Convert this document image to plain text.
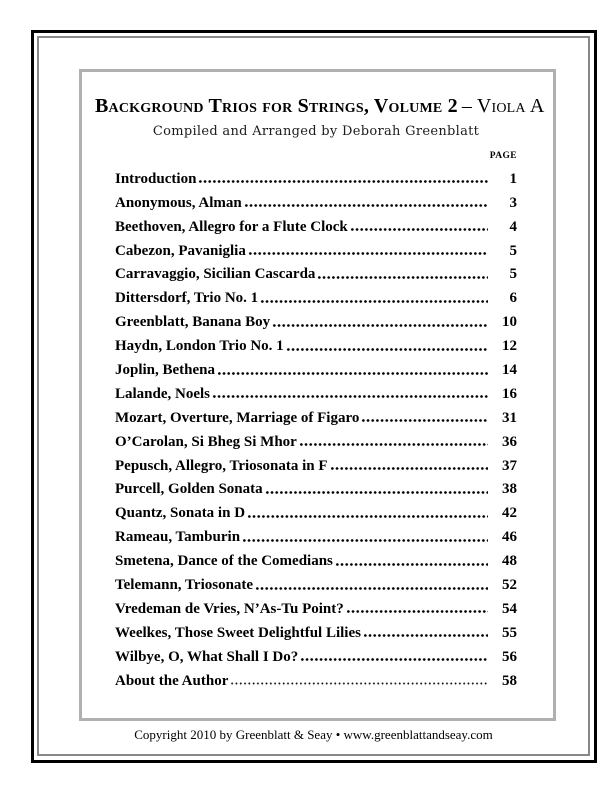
Background Trios for Strings, Volume 2 – Viola A
Compiled and Arranged by Deborah Greenblatt
PAGE
Introduction	1
Anonymous, Alman	3
Beethoven, Allegro for a Flute Clock	4
Cabezon, Pavaniglia	5
Carravaggio, Sicilian Cascarda	5
Dittersdorf, Trio No. 1	6
Greenblatt, Banana Boy	10
Haydn, London Trio No. 1	12
Joplin, Bethena	14
Lalande, Noels	16
Mozart, Overture, Marriage of Figaro	31
O’Carolan, Si Bheg Si Mhor	36
Pepusch, Allegro, Triosonata in F	37
Purcell, Golden Sonata	38
Quantz, Sonata in D	42
Rameau, Tamburin	46
Smetena, Dance of the Comedians	48
Telemann, Triosonate	52
Vredeman de Vries, N’As-Tu Point?	54
Weelkes, Those Sweet Delightful Lilies	55
Wilbye, O, What Shall I Do?	56
About the Author	58
Copyright 2010 by Greenblatt & Seay • www.greenblattandseay.com
